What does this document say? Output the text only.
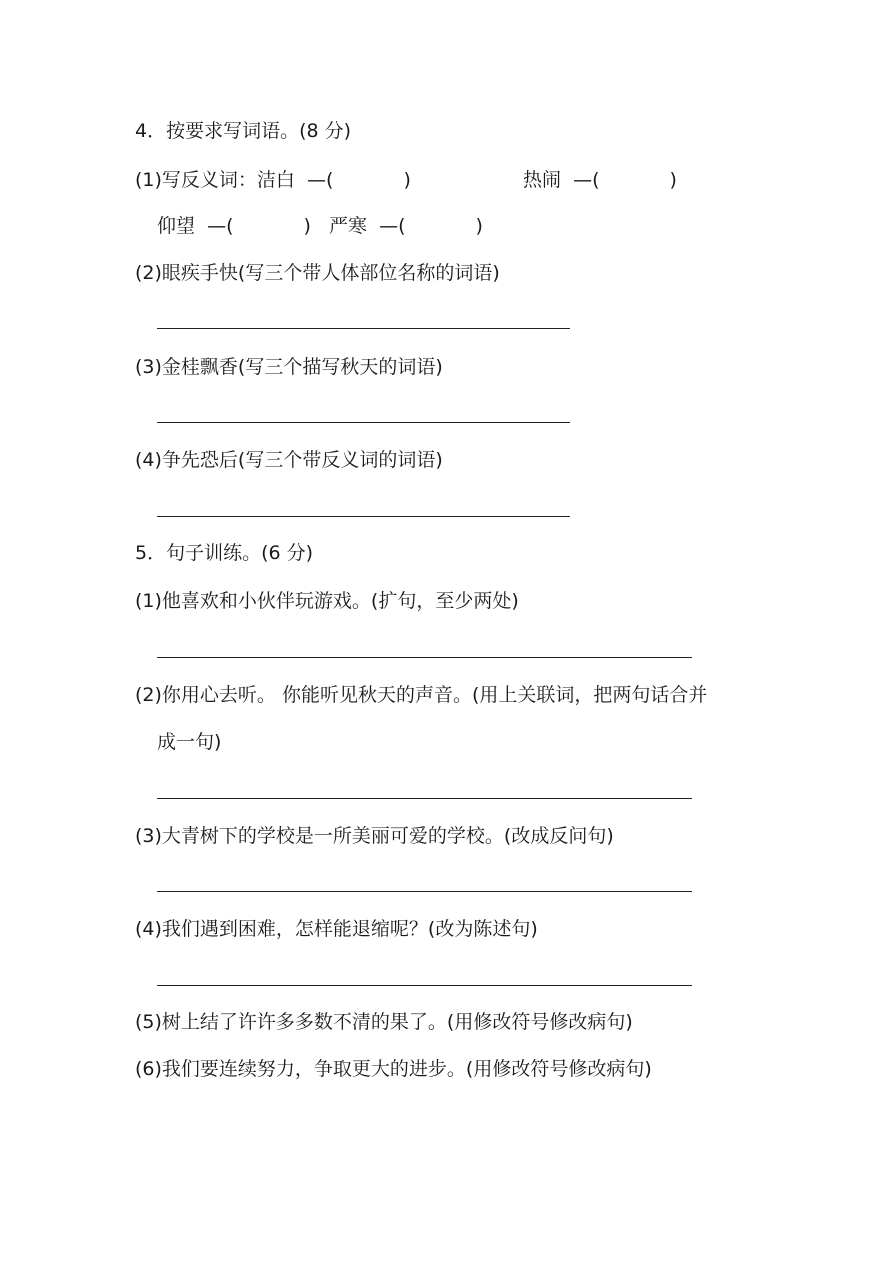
4．按要求写词语。(8 分)
(1)写反义词：洁白 —(	)	热闹 —(	)
仰望 —(	) 严寒 —(	)
(2)眼疾手快(写三个带人体部位名称的词语)
(3)金桂飘香(写三个描写秋天的词语)
(4)争先恐后(写三个带反义词的词语)
5．句子训练。(6 分)
(1)他喜欢和小伙伴玩游戏。(扩句，至少两处)
(2)你用心去听。 你能听见秋天的声音。(用上关联词，把两句话合并
成一句)
(3)大青树下的学校是一所美丽可爱的学校。(改成反问句)
(4)我们遇到困难，怎样能退缩呢？(改为陈述句)
(5)树上结了许许多多数不清的果了。(用修改符号修改病句)
(6)我们要连续努力，争取更大的进步。(用修改符号修改病句)
